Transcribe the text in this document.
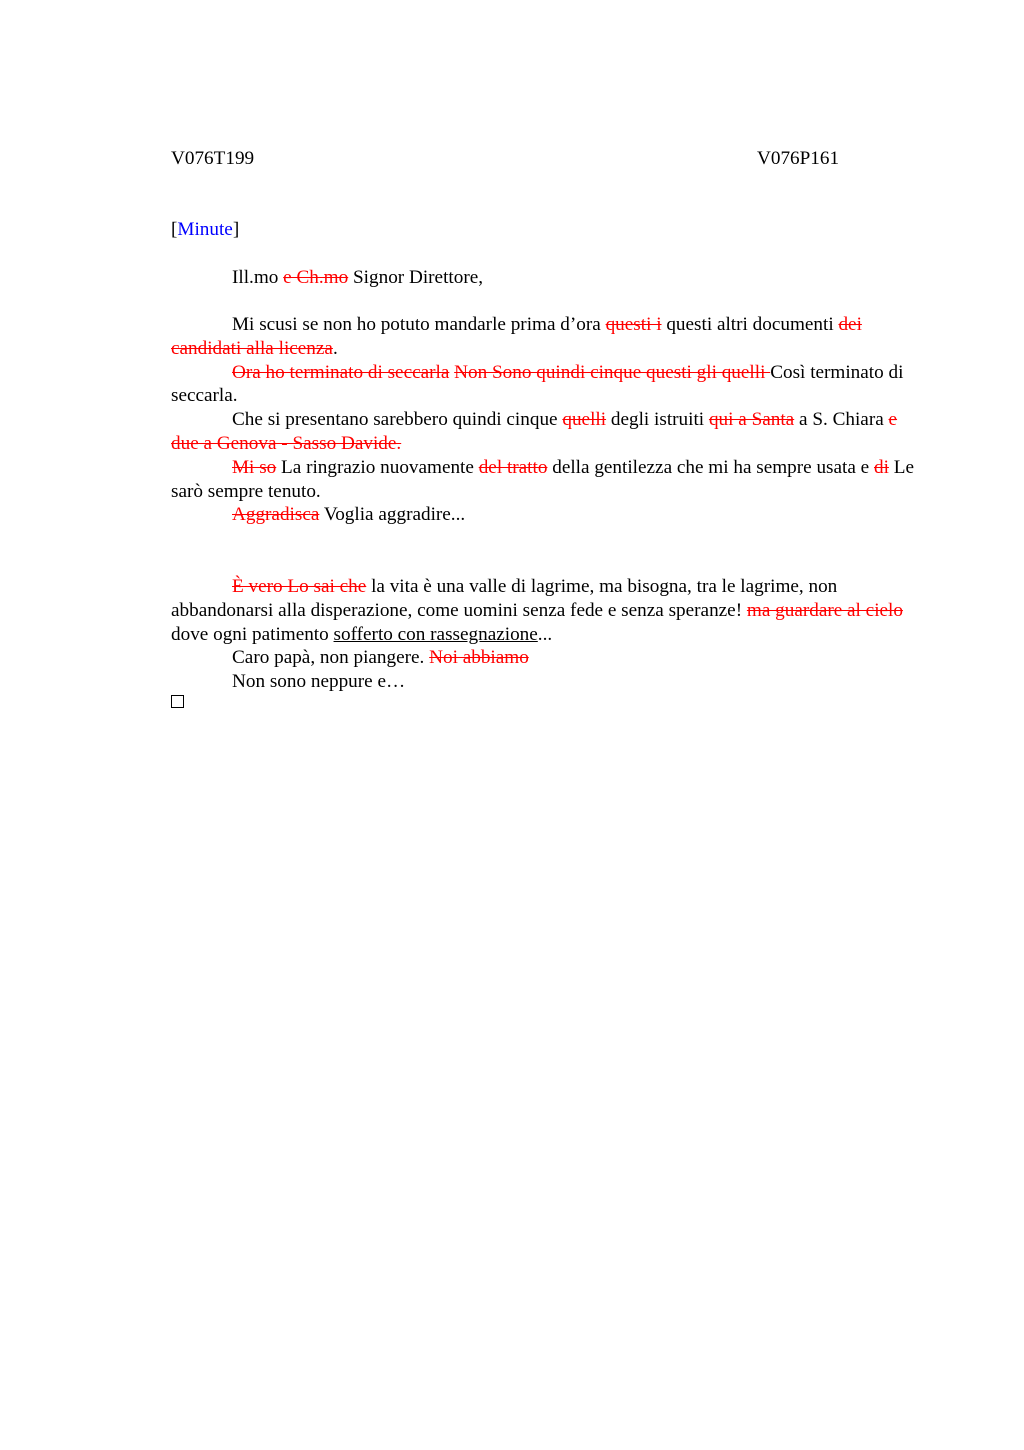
V076T199	V076P161
[Minute]

Ill.mo e Ch.mo Signor Direttore,

Mi scusi se non ho potuto mandarle prima d’ora questi i questi altri documenti dei candidati alla licenza.

Ora ho terminato di seccarla Non Sono quindi cinque questi gli quelli Così terminato di seccarla.

Che si presentano sarebbero quindi cinque quelli degli istruiti qui a Santa a S. Chiara e due a Genova - Sasso Davide.

Mi so La ringrazio nuovamente del tratto della gentilezza che mi ha sempre usata e di Le sarò sempre tenuto.

Aggradisca Voglia aggradire...

È vero Lo sai che la vita è una valle di lagrime, ma bisogna, tra le lagrime, non abbandonarsi alla disperazione, come uomini senza fede e senza speranze! ma guardare al cielo dove ogni patimento sofferto con rassegnazione...

Caro papà, non piangere. Noi abbiamo

Non sono neppure e…
